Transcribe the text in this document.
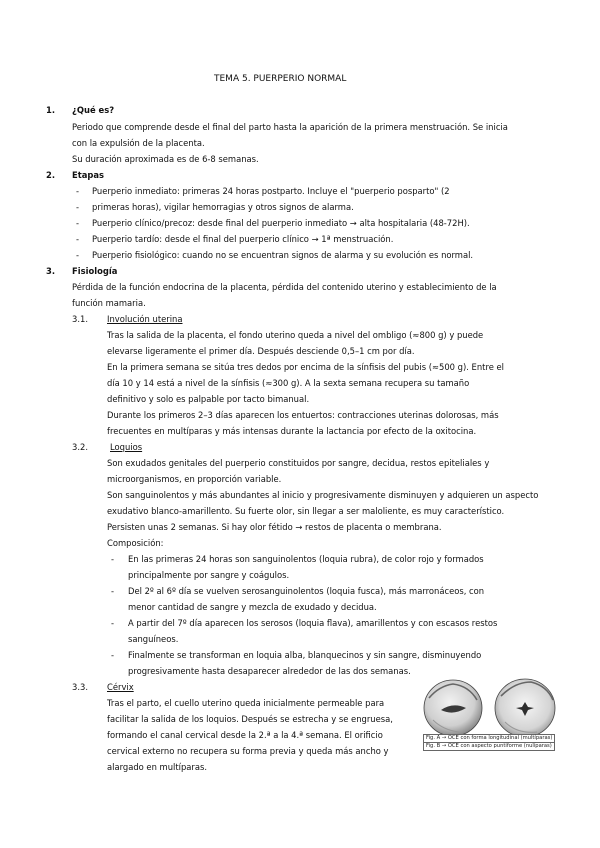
TEMA 5. PUERPERIO NORMAL
1. ¿Qué es?
Periodo que comprende desde el final del parto hasta la aparición de la primera menstruación. Se inicia
con la expulsión de la placenta.
Su duración aproximada es de 6-8 semanas.
2. Etapas
- Puerperio inmediato: primeras 24 horas postparto. Incluye el "puerperio posparto" (2
- primeras horas), vigilar hemorragias y otros signos de alarma.
- Puerperio clínico/precoz: desde final del puerperio inmediato → alta hospitalaria (48-72H).
- Puerperio tardío: desde el final del puerperio clínico → 1ª menstruación.
- Puerperio fisiológico: cuando no se encuentran signos de alarma y su evolución es normal.
3. Fisiología
Pérdida de la función endocrina de la placenta, pérdida del contenido uterino y establecimiento de la
función mamaria.
3.1. Involución uterina
Tras la salida de la placenta, el fondo uterino queda a nivel del ombligo (≈800 g) y puede
elevarse ligeramente el primer día. Después desciende 0,5–1 cm por día.
En la primera semana se sitúa tres dedos por encima de la sínfisis del pubis (≈500 g). Entre el
día 10 y 14 está a nivel de la sínfisis (≈300 g). A la sexta semana recupera su tamaño
definitivo y solo es palpable por tacto bimanual.
Durante los primeros 2–3 días aparecen los entuertos: contracciones uterinas dolorosas, más
frecuentes en multíparas y más intensas durante la lactancia por efecto de la oxitocina.
3.2.	Loquios
Son exudados genitales del puerperio constituidos por sangre, decidua, restos epiteliales y
microorganismos, en proporción variable.
Son sanguinolentos y más abundantes al inicio y progresivamente disminuyen y adquieren un aspecto
exudativo blanco-amarillento. Su fuerte olor, sin llegar a ser maloliente, es muy característico.
Persisten unas 2 semanas. Si hay olor fétido → restos de placenta o membrana.
Composición:
- En las primeras 24 horas son sanguinolentos (loquia rubra), de color rojo y formados
principalmente por sangre y coágulos.
- Del 2º al 6º día se vuelven serosanguinolentos (loquia fusca), más marronáceos, con
menor cantidad de sangre y mezcla de exudado y decidua.
- A partir del 7º día aparecen los serosos (loquia flava), amarillentos y con escasos restos
sanguíneos.
- Finalmente se transforman en loquia alba, blanquecinos y sin sangre, disminuyendo
progresivamente hasta desaparecer alrededor de las dos semanas.
3.3. Cérvix
Tras el parto, el cuello uterino queda inicialmente permeable para
facilitar la salida de los loquios. Después se estrecha y se engruesa,
formando el canal cervical desde la 2.ª a la 4.ª semana. El orificio
cervical externo no recupera su forma previa y queda más ancho y
alargado en multíparas.
Fig. A → OCE con forma longitudinal (multíparas)
Fig. B → OCE con aspecto puntiforme (nulíparas)
